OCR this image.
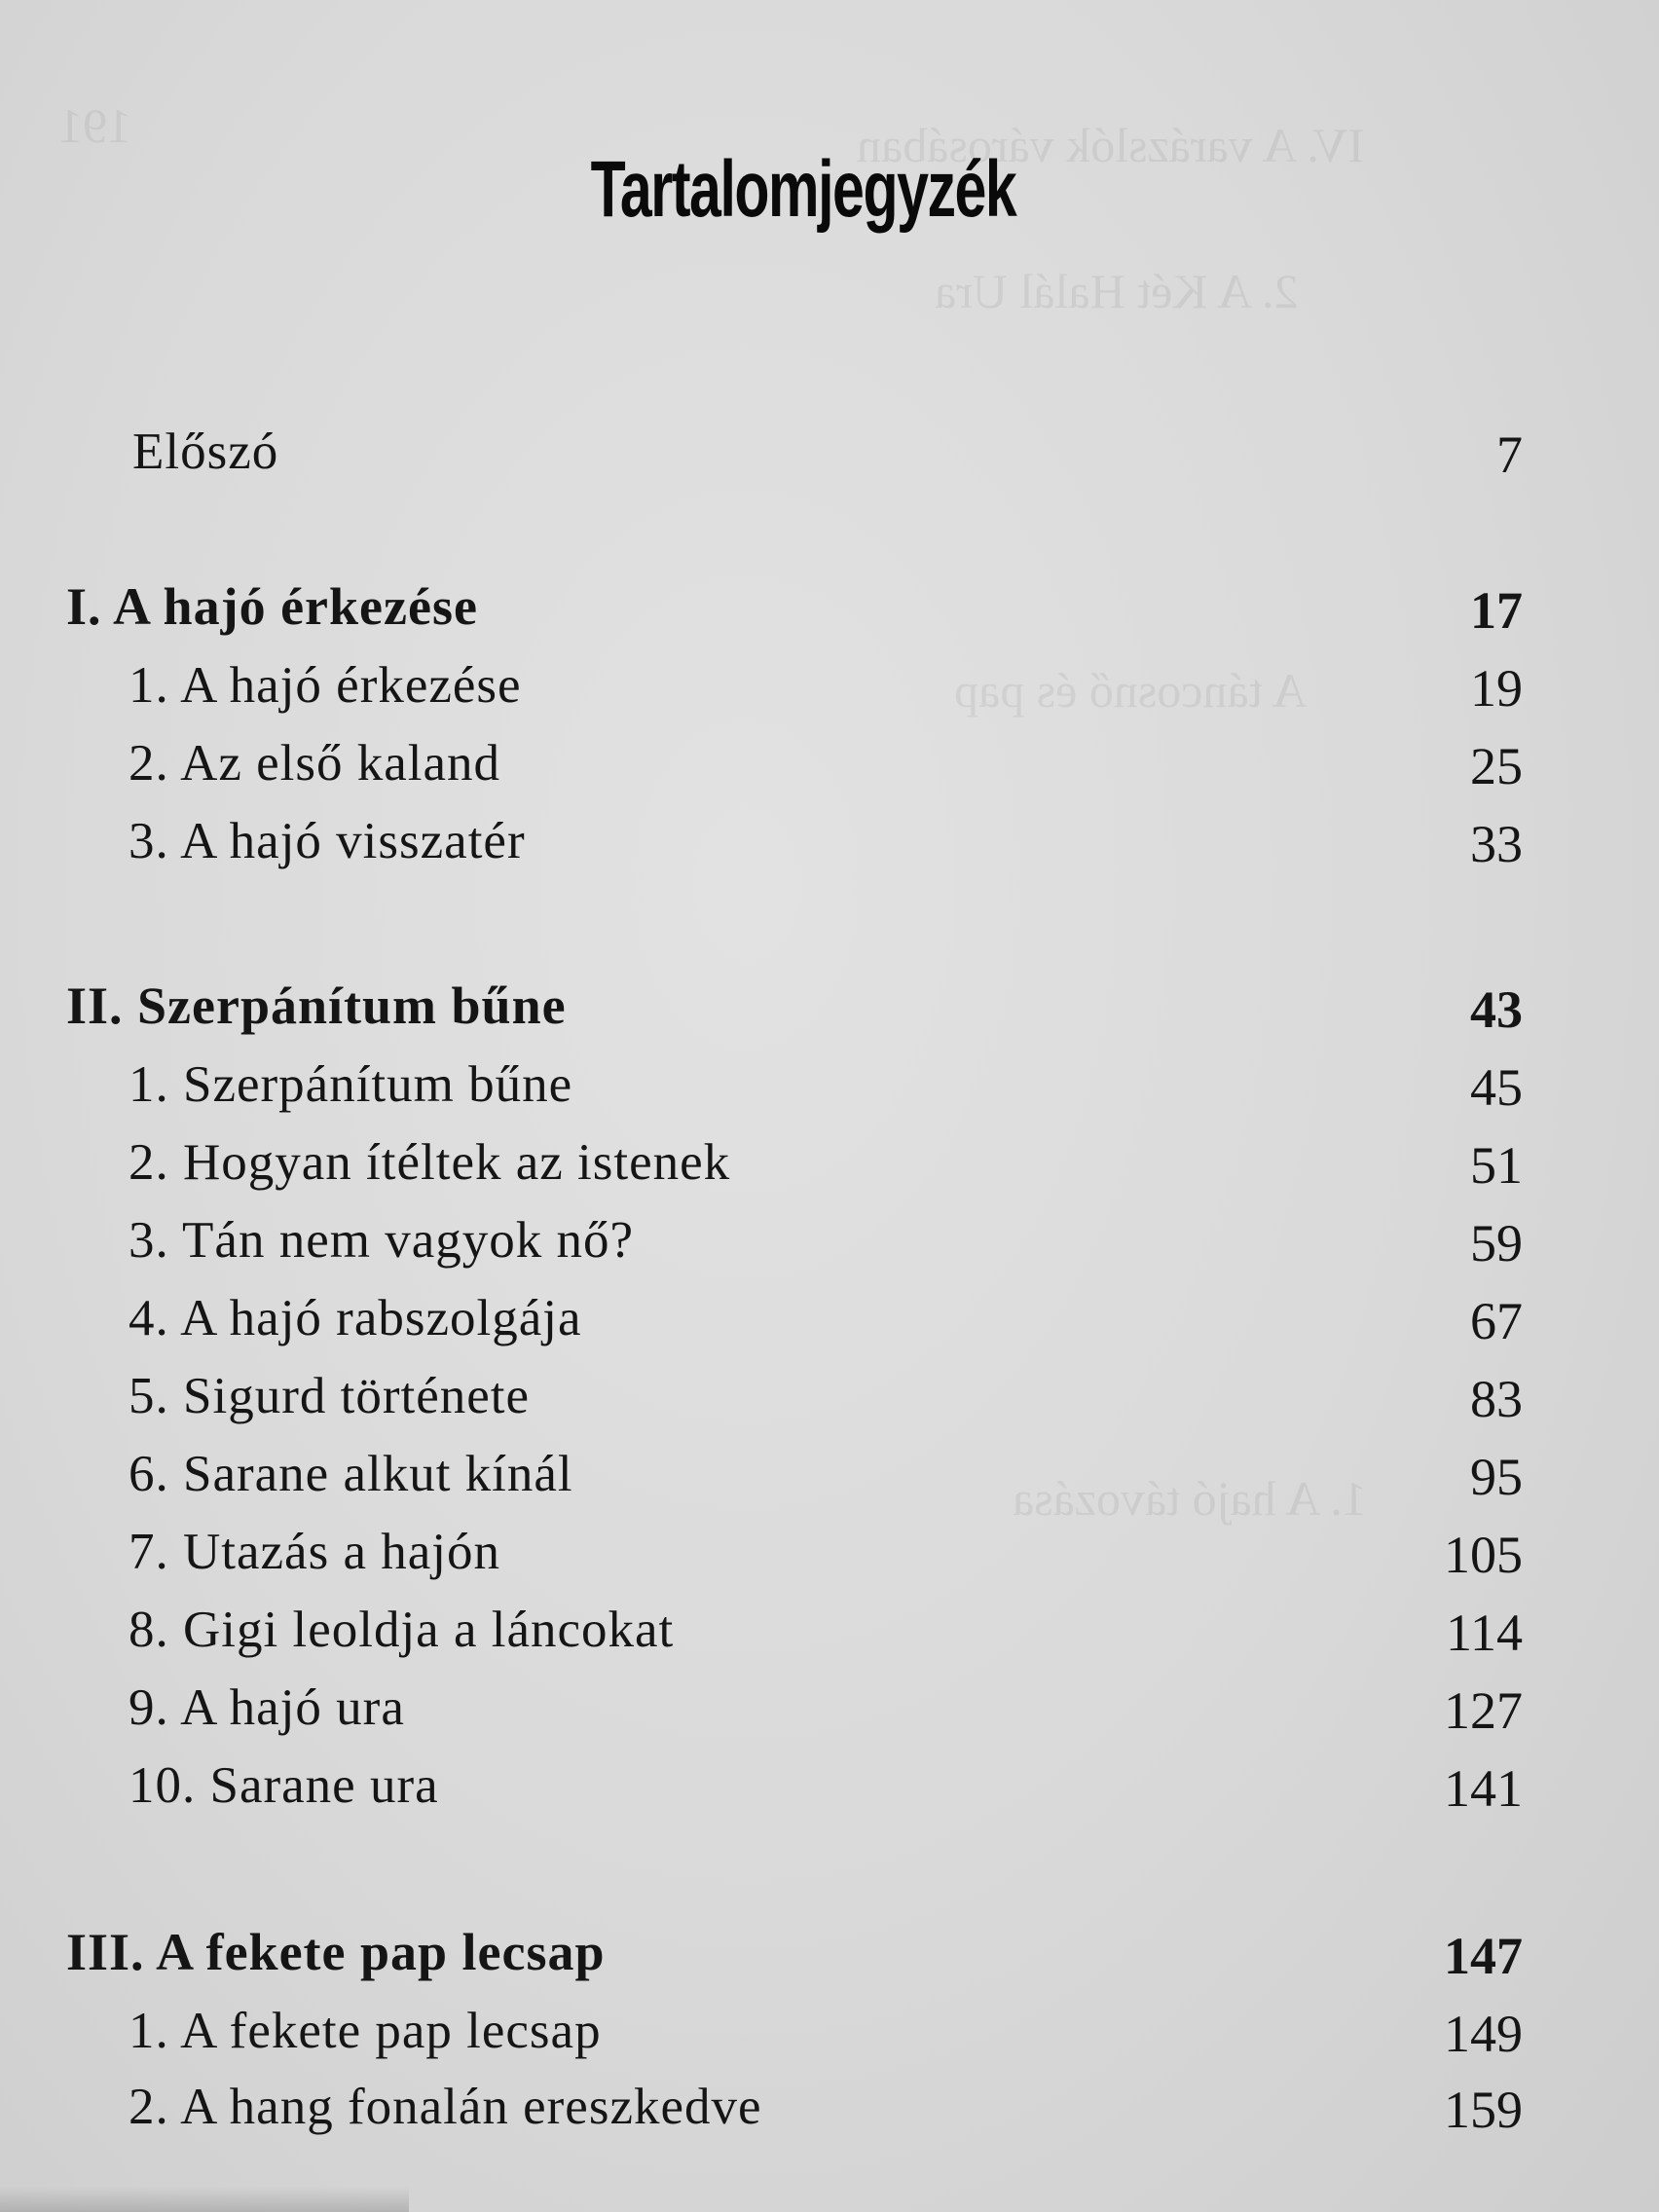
IV. A varázslók városában
191
2. A Két Halál Ura
A táncosnő és pap
1. A hajó távozása
Tartalomjegyzék
Előszó	7
I. A hajó érkezése	17
1. A hajó érkezése	19
2. Az első kaland	25
3. A hajó visszatér	33
II. Szerpánítum bűne	43
1. Szerpánítum bűne	45
2. Hogyan ítéltek az istenek	51
3. Tán nem vagyok nő?	59
4. A hajó rabszolgája	67
5. Sigurd története	83
6. Sarane alkut kínál	95
7. Utazás a hajón	105
8. Gigi leoldja a láncokat	114
9. A hajó ura	127
10. Sarane ura	141
III. A fekete pap lecsap	147
1. A fekete pap lecsap	149
2. A hang fonalán ereszkedve	159
